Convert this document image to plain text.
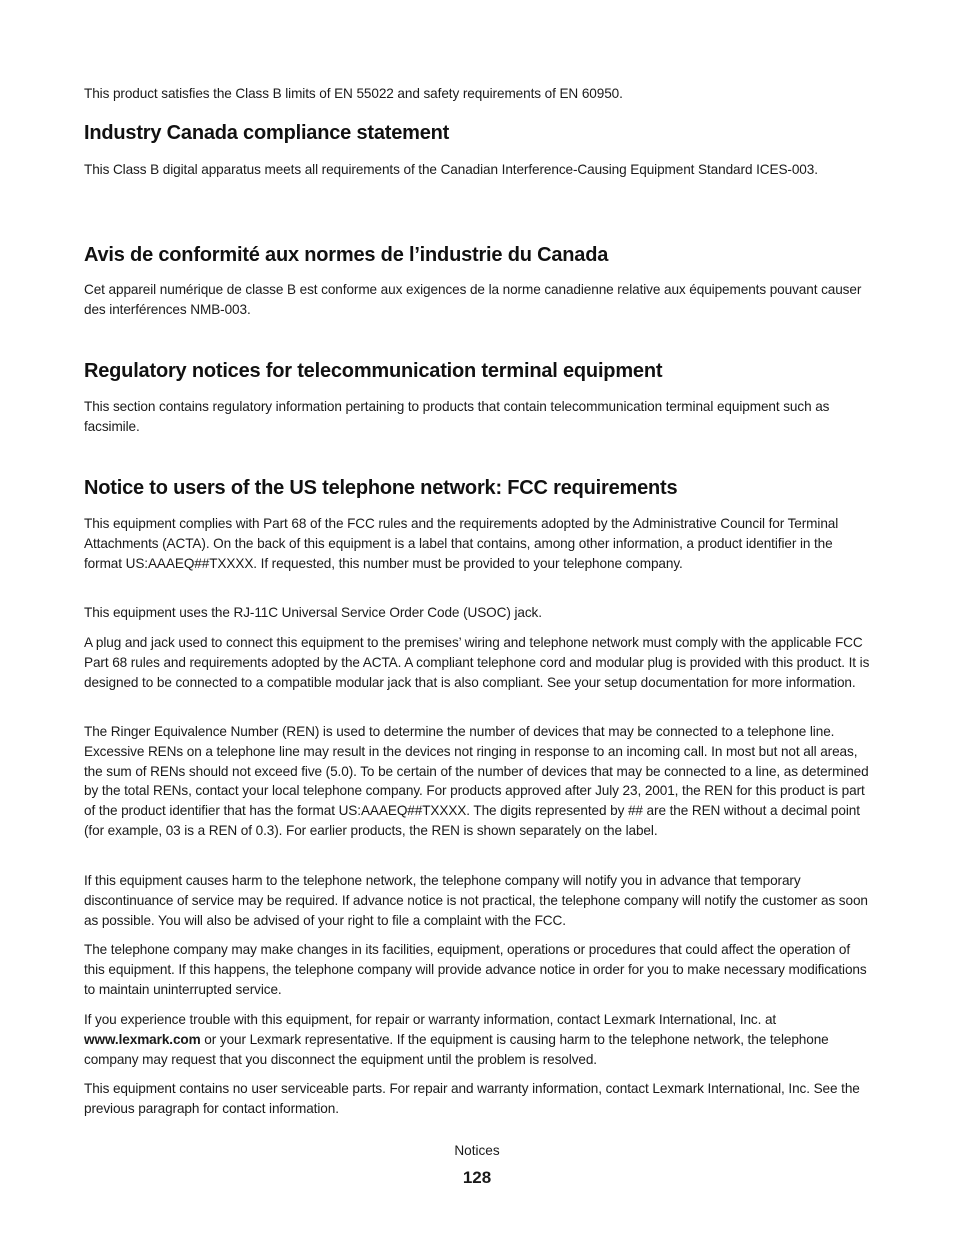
This product satisfies the Class B limits of EN 55022 and safety requirements of EN 60950.

Industry Canada compliance statement

This Class B digital apparatus meets all requirements of the Canadian Interference-Causing Equipment Standard ICES-003.

Avis de conformité aux normes de l’industrie du Canada

Cet appareil numérique de classe B est conforme aux exigences de la norme canadienne relative aux équipements pouvant causer des interférences NMB-003.

Regulatory notices for telecommunication terminal equipment

This section contains regulatory information pertaining to products that contain telecommunication terminal equipment such as facsimile.

Notice to users of the US telephone network: FCC requirements

This equipment complies with Part 68 of the FCC rules and the requirements adopted by the Administrative Council for Terminal Attachments (ACTA). On the back of this equipment is a label that contains, among other information, a product identifier in the format US:AAAEQ##TXXXX. If requested, this number must be provided to your telephone company.

This equipment uses the RJ-11C Universal Service Order Code (USOC) jack.

A plug and jack used to connect this equipment to the premises’ wiring and telephone network must comply with the applicable FCC Part 68 rules and requirements adopted by the ACTA. A compliant telephone cord and modular plug is provided with this product. It is designed to be connected to a compatible modular jack that is also compliant. See your setup documentation for more information.

The Ringer Equivalence Number (REN) is used to determine the number of devices that may be connected to a telephone line. Excessive RENs on a telephone line may result in the devices not ringing in response to an incoming call. In most but not all areas, the sum of RENs should not exceed five (5.0). To be certain of the number of devices that may be connected to a line, as determined by the total RENs, contact your local telephone company. For products approved after July 23, 2001, the REN for this product is part of the product identifier that has the format US:AAAEQ##TXXXX. The digits represented by ## are the REN without a decimal point (for example, 03 is a REN of 0.3). For earlier products, the REN is shown separately on the label.

If this equipment causes harm to the telephone network, the telephone company will notify you in advance that temporary discontinuance of service may be required. If advance notice is not practical, the telephone company will notify the customer as soon as possible. You will also be advised of your right to file a complaint with the FCC.

The telephone company may make changes in its facilities, equipment, operations or procedures that could affect the operation of this equipment. If this happens, the telephone company will provide advance notice in order for you to make necessary modifications to maintain uninterrupted service.

If you experience trouble with this equipment, for repair or warranty information, contact Lexmark International, Inc. at www.lexmark.com or your Lexmark representative. If the equipment is causing harm to the telephone network, the telephone company may request that you disconnect the equipment until the problem is resolved.

This equipment contains no user serviceable parts. For repair and warranty information, contact Lexmark International, Inc. See the previous paragraph for contact information.

Notices
128
